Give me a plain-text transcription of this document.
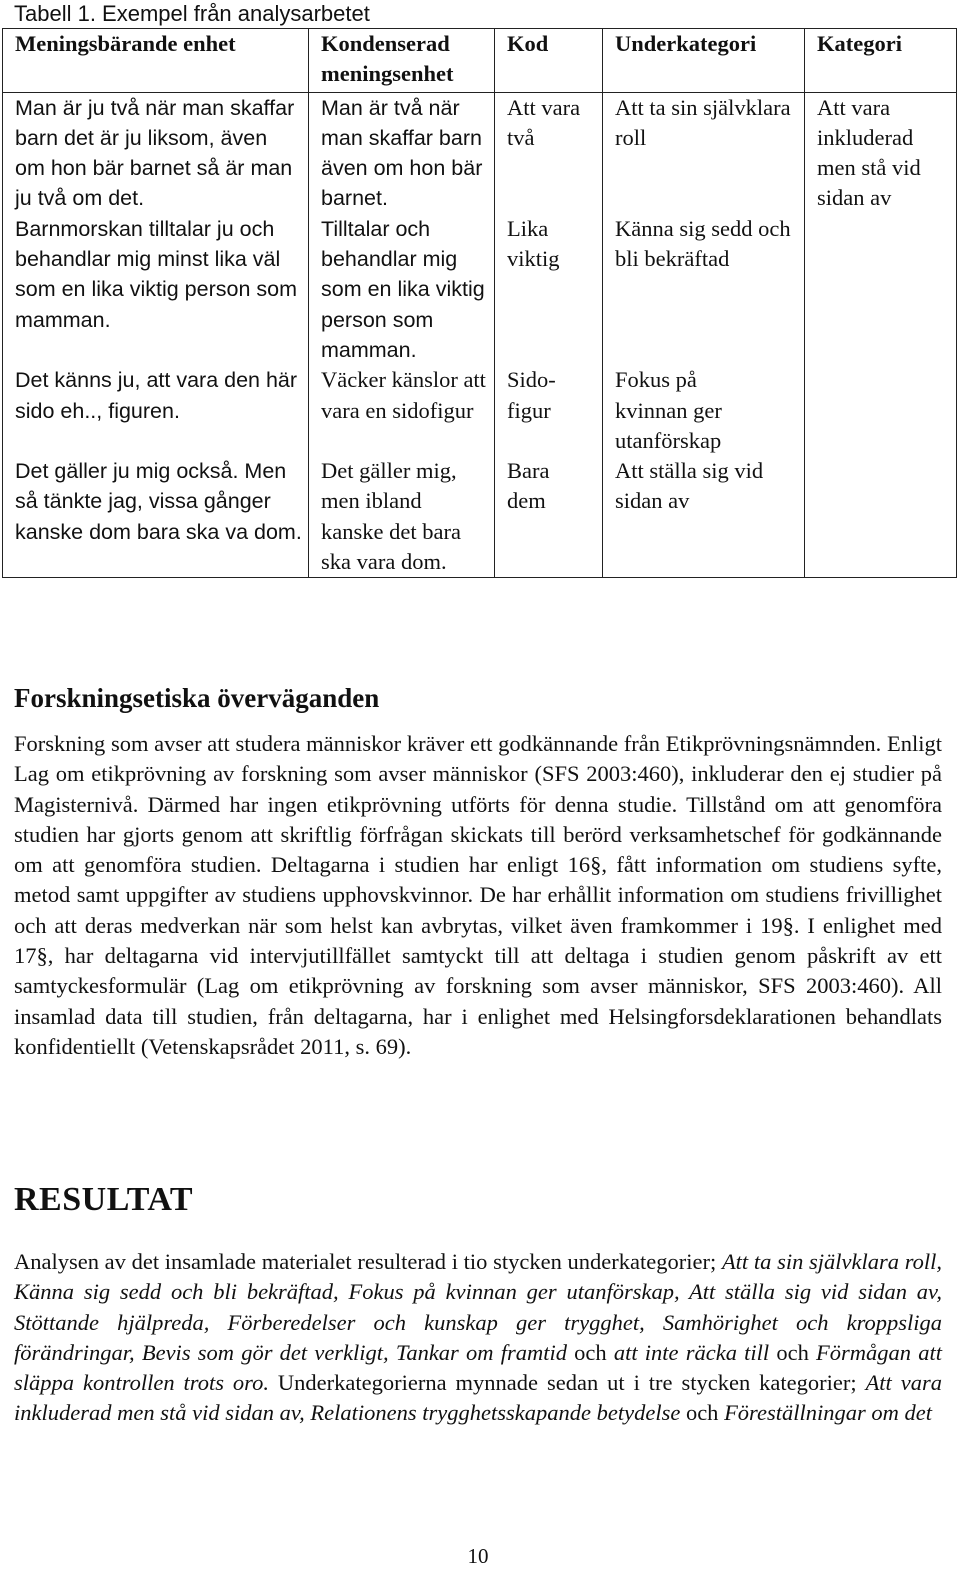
Tabell 1. Exempel från analysarbetet
Meningsbärande enhet	Kondenserad meningsenhet	Kod	Underkategori	Kategori
Man är ju två när man skaffar barn det är ju liksom, även om hon bär barnet så är man ju två om det.	Man är två när man skaffar barn även om hon bär barnet.	Att vara två	Att ta sin självklara roll	Att vara inkluderad men stå vid sidan av
Barnmorskan tilltalar ju och behandlar mig minst lika väl som en lika viktig person som mamman.	Tilltalar och behandlar mig som en lika viktig person som mamman.	Lika viktig	Känna sig sedd och bli bekräftad	
Det känns ju, att vara den här sido eh.., figuren.	Väcker känslor att vara en sidofigur	Sido-figur	Fokus på kvinnan ger utanförskap	
Det gäller ju mig också. Men så tänkte jag, vissa gånger kanske dom bara ska va dom.	Det gäller mig, men ibland kanske det bara ska vara dom.	Bara dem	Att ställa sig vid sidan av	
Forskningsetiska överväganden

Forskning som avser att studera människor kräver ett godkännande från Etikprövningsnämnden. Enligt Lag om etikprövning av forskning som avser människor (SFS 2003:460), inkluderar den ej studier på Magisternivå. Därmed har ingen etikprövning utförts för denna studie. Tillstånd om att genomföra studien har gjorts genom att skriftlig förfrågan skickats till berörd verksamhetschef för godkännande om att genomföra studien. Deltagarna i studien har enligt 16§, fått information om studiens syfte, metod samt uppgifter av studiens upphovskvinnor. De har erhållit information om studiens frivillighet och att deras medverkan när som helst kan avbrytas, vilket även framkommer i 19§. I enlighet med 17§, har deltagarna vid intervjutillfället samtyckt till att deltaga i studien genom påskrift av ett samtyckesformulär (Lag om etikprövning av forskning som avser människor, SFS 2003:460). All insamlad data till studien, från deltagarna, har i enlighet med Helsingforsdeklarationen behandlats konfidentiellt (Vetenskapsrådet 2011, s. 69).

RESULTAT

Analysen av det insamlade materialet resulterad i tio stycken underkategorier; Att ta sin självklara roll, Känna sig sedd och bli bekräftad, Fokus på kvinnan ger utanförskap, Att ställa sig vid sidan av, Stöttande hjälpreda, Förberedelser och kunskap ger trygghet, Samhörighet och kroppsliga förändringar, Bevis som gör det verkligt, Tankar om framtid och att inte räcka till och Förmågan att släppa kontrollen trots oro. Underkategorierna mynnade sedan ut i tre stycken kategorier; Att vara inkluderad men stå vid sidan av, Relationens trygghetsskapande betydelse och Föreställningar om det

10
